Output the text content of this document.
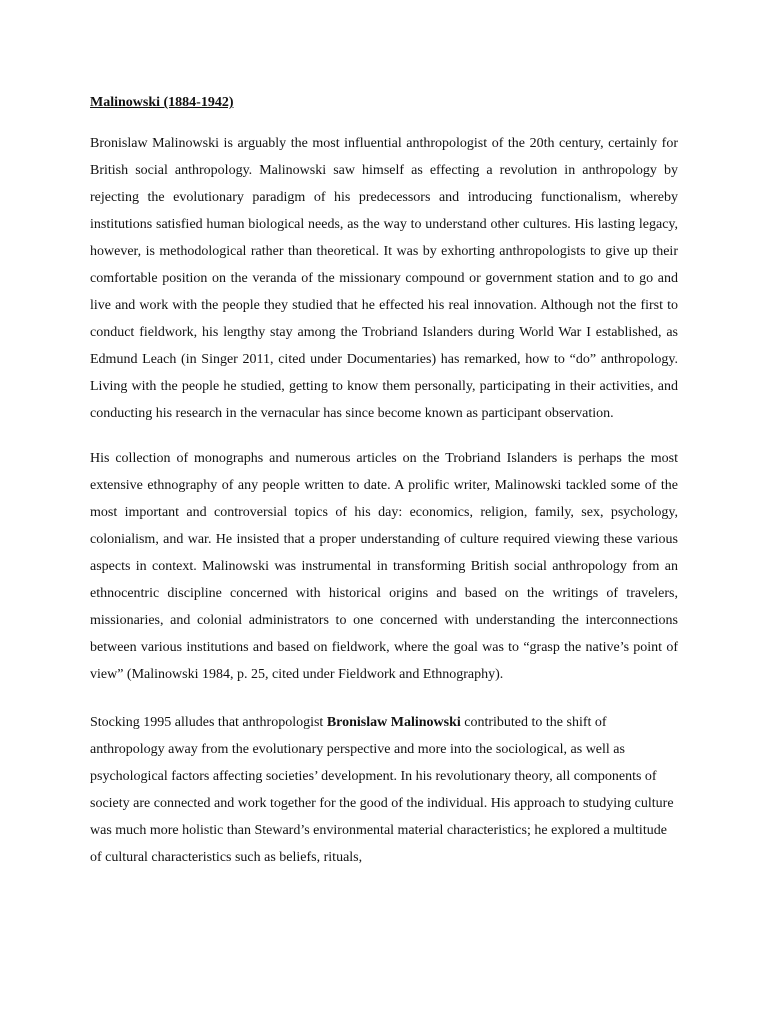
Malinowski (1884-1942)

Bronislaw Malinowski is arguably the most influential anthropologist of the 20th century, certainly for British social anthropology. Malinowski saw himself as effecting a revolution in anthropology by rejecting the evolutionary paradigm of his predecessors and introducing functionalism, whereby institutions satisfied human biological needs, as the way to understand other cultures. His lasting legacy, however, is methodological rather than theoretical. It was by exhorting anthropologists to give up their comfortable position on the veranda of the missionary compound or government station and to go and live and work with the people they studied that he effected his real innovation. Although not the first to conduct fieldwork, his lengthy stay among the Trobriand Islanders during World War I established, as Edmund Leach (in Singer 2011, cited under Documentaries) has remarked, how to “do” anthropology. Living with the people he studied, getting to know them personally, participating in their activities, and conducting his research in the vernacular has since become known as participant observation.

His collection of monographs and numerous articles on the Trobriand Islanders is perhaps the most extensive ethnography of any people written to date. A prolific writer, Malinowski tackled some of the most important and controversial topics of his day: economics, religion, family, sex, psychology, colonialism, and war. He insisted that a proper understanding of culture required viewing these various aspects in context. Malinowski was instrumental in transforming British social anthropology from an ethnocentric discipline concerned with historical origins and based on the writings of travelers, missionaries, and colonial administrators to one concerned with understanding the interconnections between various institutions and based on fieldwork, where the goal was to “grasp the native’s point of view” (Malinowski 1984, p. 25, cited under Fieldwork and Ethnography).

Stocking 1995 alludes that anthropologist Bronislaw Malinowski contributed to the shift of anthropology away from the evolutionary perspective and more into the sociological, as well as psychological factors affecting societies’ development. In his revolutionary theory, all components of society are connected and work together for the good of the individual. His approach to studying culture was much more holistic than Steward’s environmental material characteristics; he explored a multitude of cultural characteristics such as beliefs, rituals,
